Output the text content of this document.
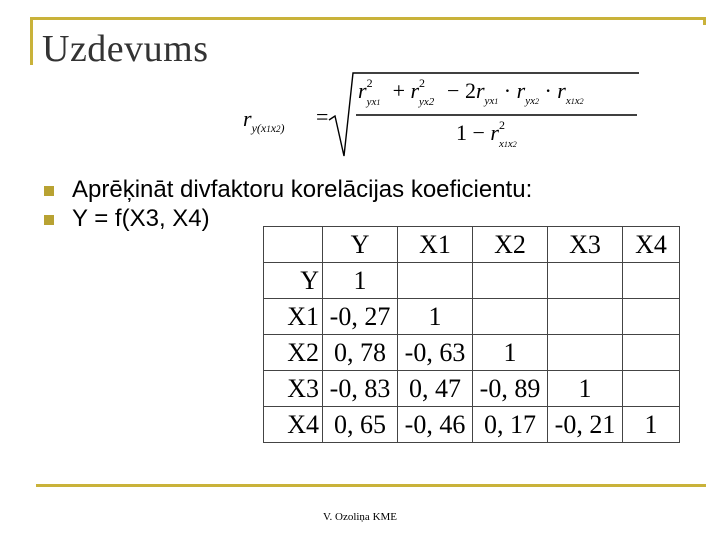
Uzdevums
$r_{y(x1x2)}$ =
r 2
yx1 + r 2
$yx2 - 2r_{yx1} \cdot r_{yx2} \cdot r_{x1x2}$
1 − r 2
x1x2
Aprēķināt divfaktoru korelācijas koeficientu:
Y = f(X3, X4)
	Y	X1	X2	X3	X4
Y	1				
X1	-0, 27	1			
X2	0, 78	-0, 63	1		
X3	-0, 83	0, 47	-0, 89	1	
X4	0, 65	-0, 46	0, 17	-0, 21	1
V. Ozoliņa KME
